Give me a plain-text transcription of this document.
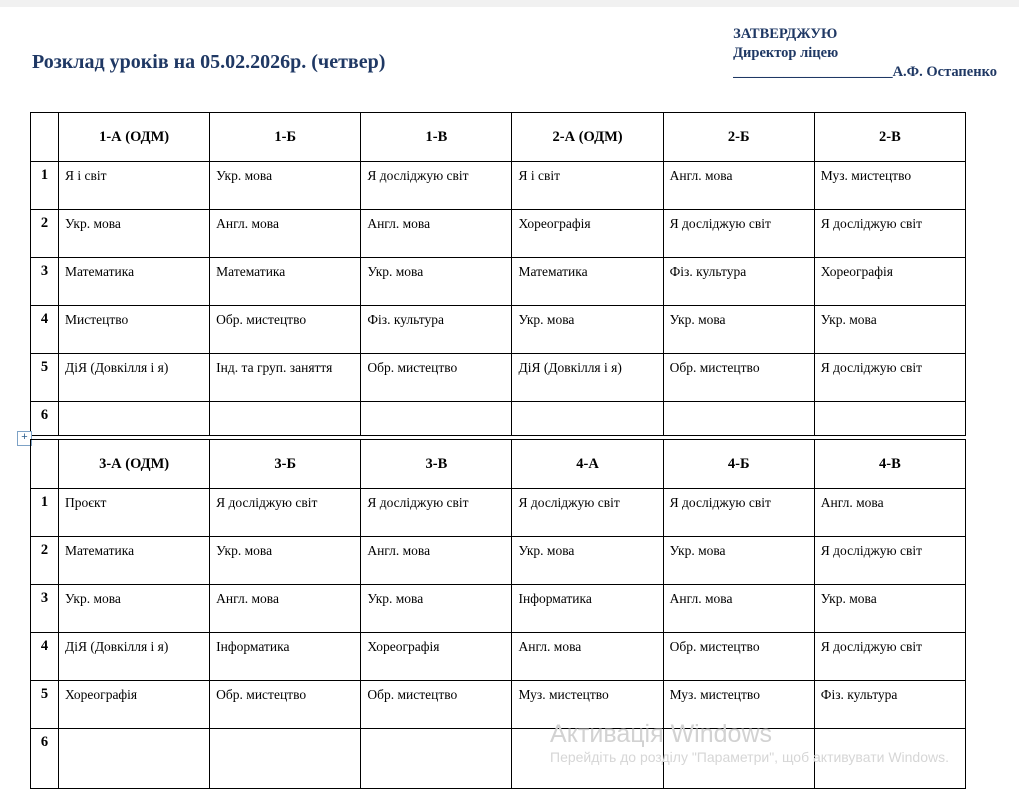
ЗАТВЕРДЖУЮ
Директор ліцею
______________________А.Ф. Остапенко
Розклад уроків на 05.02.2026р. (четвер)
	1-А (ОДМ)	1-Б	1-В	2-А (ОДМ)	2-Б	2-В
1	Я і світ	Укр. мова	Я досліджую світ	Я і світ	Англ. мова	Муз. мистецтво
2	Укр. мова	Англ. мова	Англ. мова	Хореографія	Я досліджую світ	Я досліджую світ
3	Математика	Математика	Укр. мова	Математика	Фіз. культура	Хореографія
4	Мистецтво	Обр. мистецтво	Фіз. культура	Укр. мова	Укр. мова	Укр. мова
5	ДіЯ (Довкілля і я)	Інд. та груп. заняття	Обр. мистецтво	ДіЯ (Довкілля і я)	Обр. мистецтво	Я досліджую світ
6						
+
	3-А (ОДМ)	3-Б	3-В	4-А	4-Б	4-В
1	Проєкт	Я досліджую світ	Я досліджую світ	Я досліджую світ	Я досліджую світ	Англ. мова
2	Математика	Укр. мова	Англ. мова	Укр. мова	Укр. мова	Я досліджую світ
3	Укр. мова	Англ. мова	Укр. мова	Інформатика	Англ. мова	Укр. мова
4	ДіЯ (Довкілля і я)	Інформатика	Хореографія	Англ. мова	Обр. мистецтво	Я досліджую світ
5	Хореографія	Обр. мистецтво	Обр. мистецтво	Муз. мистецтво	Муз. мистецтво	Фіз. культура
6							Активація Windows
Перейдіть до розділу "Параметри", щоб активувати Windows.
